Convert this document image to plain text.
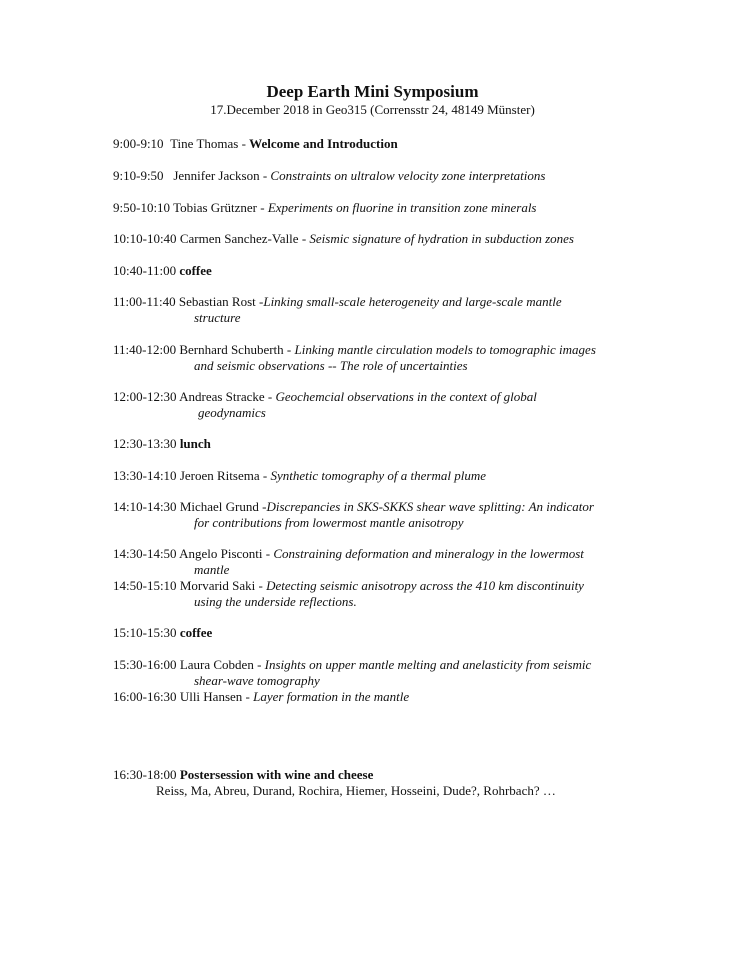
Deep Earth Mini Symposium
17.December 2018 in Geo315 (Corrensstr 24, 48149 Münster)
9:00-9:10 Tine Thomas - Welcome and Introduction
9:10-9:50 Jennifer Jackson - Constraints on ultralow velocity zone interpretations
9:50-10:10 Tobias Grützner - Experiments on fluorine in transition zone minerals
10:10-10:40 Carmen Sanchez-Valle - Seismic signature of hydration in subduction zones
10:40-11:00 coffee
11:00-11:40 Sebastian Rost -Linking small-scale heterogeneity and large-scale mantle
structure
11:40-12:00 Bernhard Schuberth - Linking mantle circulation models to tomographic images
and seismic observations -- The role of uncertainties
12:00-12:30 Andreas Stracke - Geochemcial observations in the context of global
geodynamics
12:30-13:30 lunch
13:30-14:10 Jeroen Ritsema - Synthetic tomography of a thermal plume
14:10-14:30 Michael Grund -Discrepancies in SKS-SKKS shear wave splitting: An indicator
for contributions from lowermost mantle anisotropy
14:30-14:50 Angelo Pisconti - Constraining deformation and mineralogy in the lowermost
mantle
14:50-15:10 Morvarid Saki - Detecting seismic anisotropy across the 410 km discontinuity
using the underside reflections.
15:10-15:30 coffee
15:30-16:00 Laura Cobden - Insights on upper mantle melting and anelasticity from seismic
shear-wave tomography
16:00-16:30 Ulli Hansen - Layer formation in the mantle
16:30-18:00 Postersession with wine and cheese
Reiss, Ma, Abreu, Durand, Rochira, Hiemer, Hosseini, Dude?, Rohrbach? …
